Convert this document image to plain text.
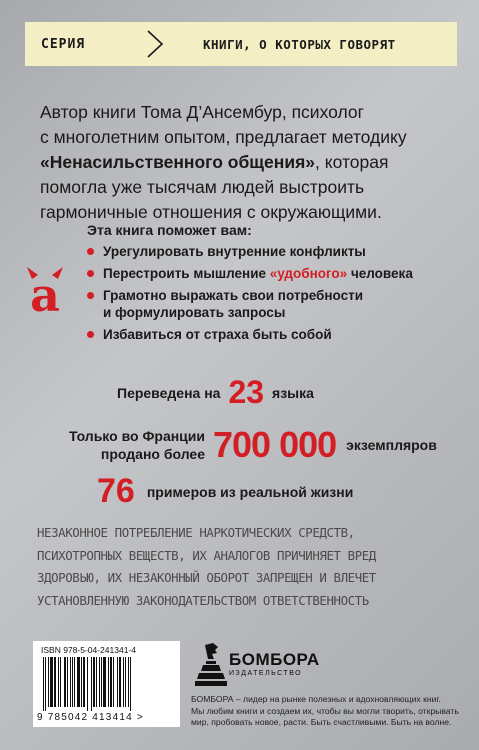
СЕРИЯ	КНИГИ, О КОТОРЫХ ГОВОРЯТ
Автор книги Тома Д’Ансембур, психолог
с многолетним опытом, предлагает методику
«Ненасильственного общения», которая
помогла уже тысячам людей выстроить
гармоничные отношения с окружающими.
a
Эта книга поможет вам:
Урегулировать внутренние конфликты
Перестроить мышление «удобного» человека
Грамотно выражать свои потребности
и формулировать запросы
Избавиться от страха быть собой
Переведена на 23 языка
Только во Франции
продано более 700 000 экземпляров
76 примеров из реальной жизни
НЕЗАКОННОЕ ПОТРЕБЛЕНИЕ НАРКОТИЧЕСКИХ СРЕДСТВ,
ПСИХОТРОПНЫХ ВЕЩЕСТВ, ИХ АНАЛОГОВ ПРИЧИНЯЕТ ВРЕД
ЗДОРОВЬЮ, ИХ НЕЗАКОННЫЙ ОБОРОТ ЗАПРЕЩЕН И ВЛЕЧЕТ
УСТАНОВЛЕННУЮ ЗАКОНОДАТЕЛЬСТВОМ ОТВЕТСТВЕННОСТЬ
ISBN 978-5-04-241341-4
9 785042 413414 >
БОМБОРА
ИЗДАТЕЛЬСТВО
БОМБОРА – лидер на рынке полезных и вдохновляющих книг.
Мы любим книги и создаем их, чтобы вы могли творить, открывать
мир, пробовать новое, расти. Быть счастливыми. Быть на волне.
